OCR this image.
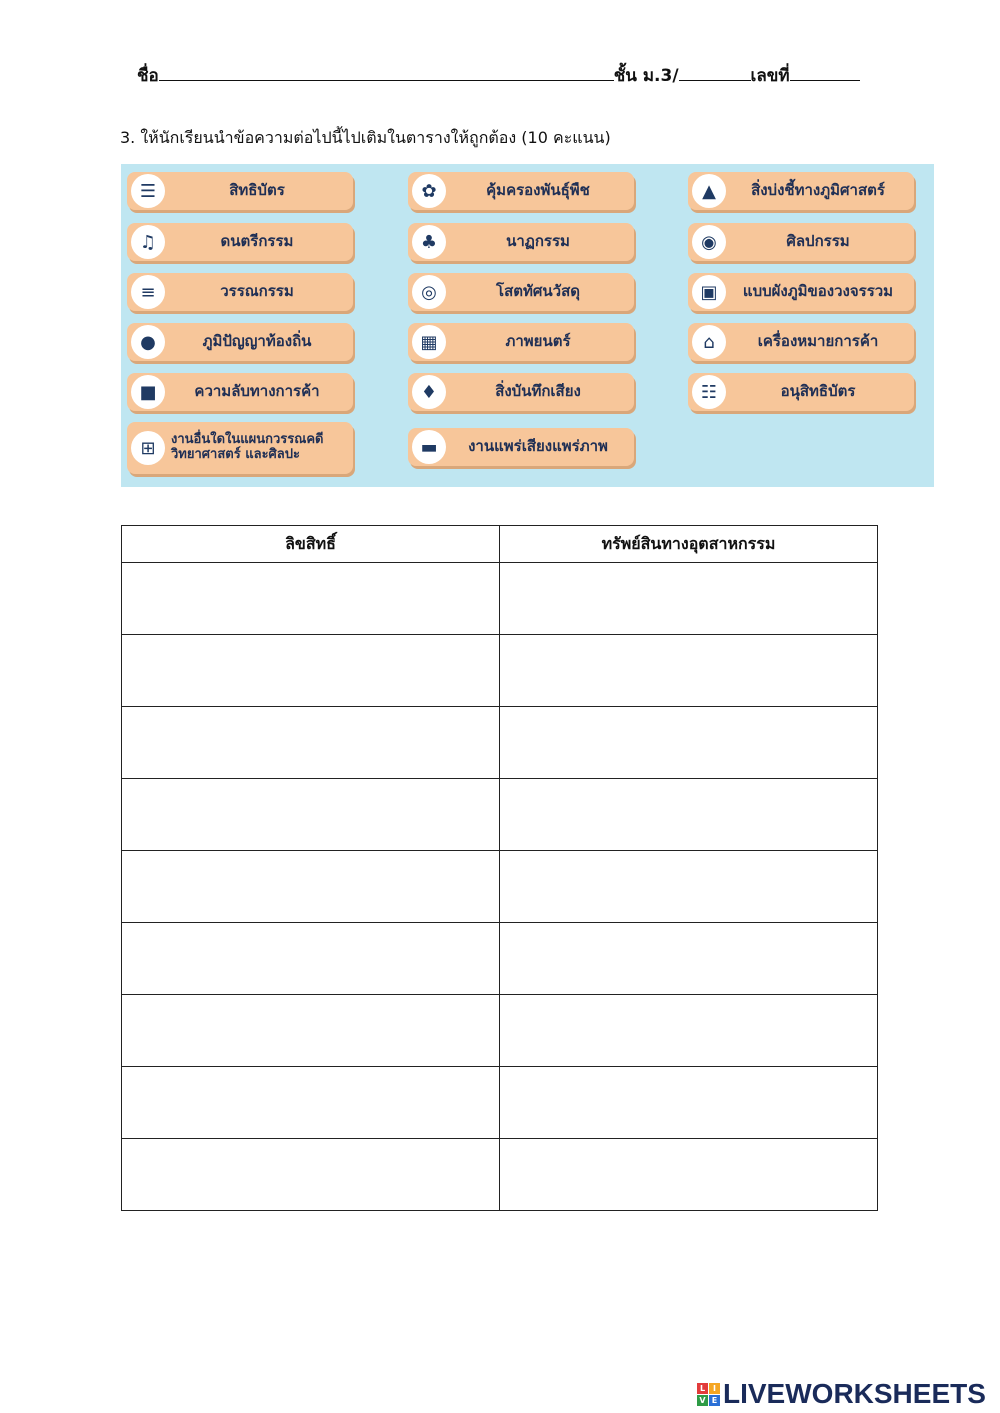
ชื่อ	ชั้น ม.3/	เลขที่
3. ให้นักเรียนนำข้อความต่อไปนี้ไปเติมในตารางให้ถูกต้อง (10 คะแนน)
☰	สิทธิบัตร
♫	ดนตรีกรรม
≡	วรรณกรรม
●	ภูมิปัญญาท้องถิ่น
■	ความลับทางการค้า
⊞	งานอื่นใดในแผนกวรรณคดี วิทยาศาสตร์ และศิลปะ
✿	คุ้มครองพันธุ์พืช
♣	นาฏกรรม
◎	โสตทัศนวัสดุ
▦	ภาพยนตร์
♦	สิ่งบันทึกเสียง
▬	งานแพร่เสียงแพร่ภาพ
▲	สิ่งบ่งชี้ทางภูมิศาสตร์
◉	ศิลปกรรม
▣	แบบผังภูมิของวงจรรวม
⌂	เครื่องหมายการค้า
☷	อนุสิทธิบัตร
ลิขสิทธิ์	ทรัพย์สินทางอุตสาหกรรม

L I
V E LIVEWORKSHEETS
